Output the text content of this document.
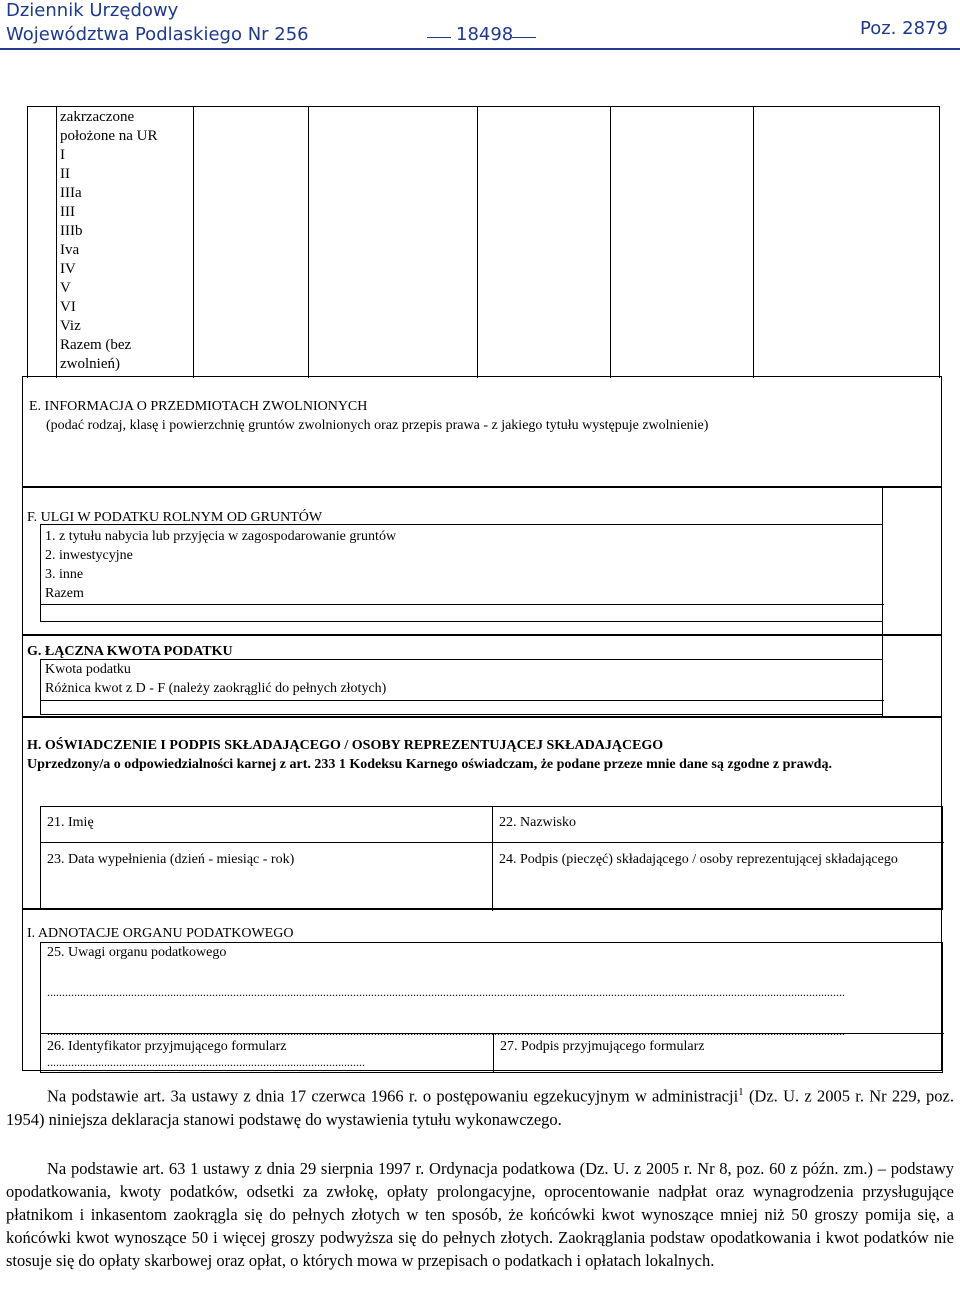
Dziennik Urzędowy
Województwa Podlaskiego Nr 256	18498	Poz. 2879
zakrzaczone
położone na UR
I
II
IIIa
III
IIIb
Iva
IV
V
VI
Viz
Razem (bez
zwolnień)
E. INFORMACJA O PRZEDMIOTACH ZWOLNIONYCH
(podać rodzaj, klasę i powierzchnię gruntów zwolnionych oraz przepis prawa - z jakiego tytułu występuje zwolnienie)
F. ULGI W PODATKU ROLNYM OD GRUNTÓW
1. z tytułu nabycia lub przyjęcia w zagospodarowanie gruntów
2. inwestycyjne
3. inne
Razem
G. ŁĄCZNA KWOTA PODATKU
Kwota podatku
Różnica kwot z D - F (należy zaokrąglić do pełnych złotych)
H. OŚWIADCZENIE I PODPIS SKŁADAJĄCEGO / OSOBY REPREZENTUJĄCEJ SKŁADAJĄCEGO
Uprzedzony/a o odpowiedzialności karnej z art. 233 1 Kodeksu Karnego oświadczam, że podane przeze mnie dane są zgodne z prawdą.
21. Imię	22. Nazwisko
23. Data wypełnienia (dzień - miesiąc - rok)	24. Podpis (pieczęć) składającego / osoby reprezentującej składającego
I. ADNOTACJE ORGANU PODATKOWEGO
25. Uwagi organu podatkowego
..........................................................................................................................................................................................................................................................................
..........................................................................................................................................................................................................................................................................
26. Identyfikator przyjmującego formularz
..........................................................................................................
27. Podpis przyjmującego formularz
Na podstawie art. 3a ustawy z dnia 17 czerwca 1966 r. o postępowaniu egzekucyjnym w administracji$^1$ (Dz. U. z 2005 r. Nr 229, poz. 1954) niniejsza deklaracja stanowi podstawę do wystawienia tytułu wykonawczego.
Na podstawie art. 63 1 ustawy z dnia 29 sierpnia 1997 r. Ordynacja podatkowa (Dz. U. z 2005 r. Nr 8, poz. 60 z późn. zm.) – podstawy opodatkowania, kwoty podatków, odsetki za zwłokę, opłaty prolongacyjne, oprocentowanie nadpłat oraz wynagrodzenia przysługujące płatnikom i inkasentom zaokrągla się do pełnych złotych w ten sposób, że końcówki kwot wynoszące mniej niż 50 groszy pomija się, a końcówki kwot wynoszące 50 i więcej groszy podwyższa się do pełnych złotych. Zaokrąglania podstaw opodatkowania i kwot podatków nie stosuje się do opłaty skarbowej oraz opłat, o których mowa w przepisach o podatkach i opłatach lokalnych.
